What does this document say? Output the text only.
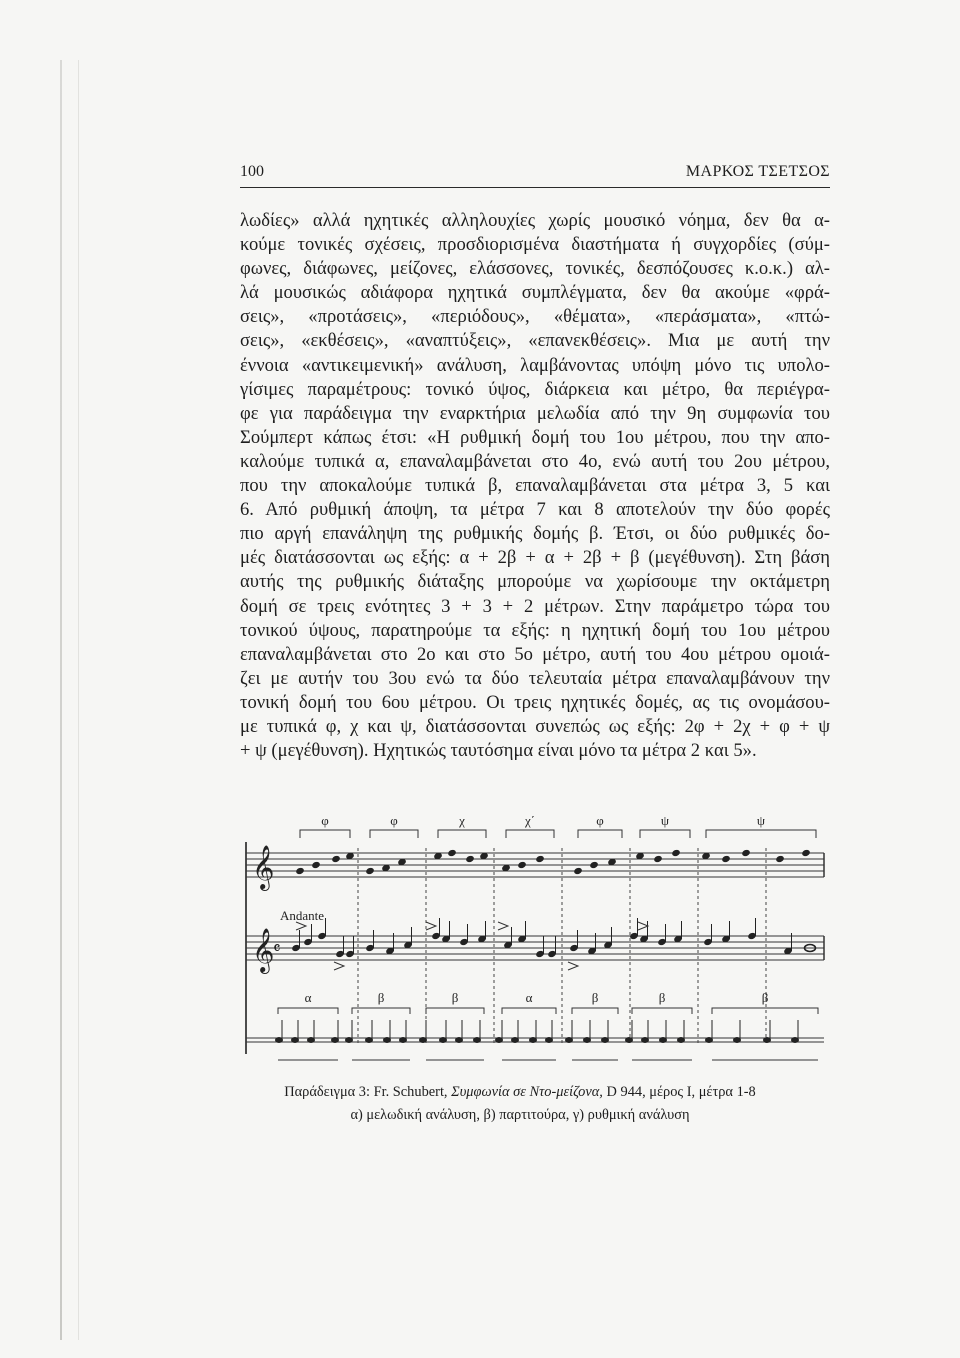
100	ΜΑΡΚΟΣ ΤΣΕΤΣΟΣ
λωδίες» αλλά ηχητικές αλληλουχίες χωρίς μουσικό νόημα, δεν θα α-
κούμε τονικές σχέσεις, προσδιορισμένα διαστήματα ή συγχορδίες (σύμ-
φωνες, διάφωνες, μείζονες, ελάσσονες, τονικές, δεσπόζουσες κ.ο.κ.) αλ-
λά μουσικώς αδιάφορα ηχητικά συμπλέγματα, δεν θα ακούμε «φρά-
σεις», «προτάσεις», «περιόδους», «θέματα», «περάσματα», «πτώ-
σεις», «εκθέσεις», «αναπτύξεις», «επανεκθέσεις». Μια με αυτή την
έννοια «αντικειμενική» ανάλυση, λαμβάνοντας υπόψη μόνο τις υπολο-
γίσιμες παραμέτρους: τονικό ύψος, διάρκεια και μέτρο, θα περιέγρα-
φε για παράδειγμα την εναρκτήρια μελωδία από την 9η συμφωνία του
Σούμπερτ κάπως έτσι: «Η ρυθμική δομή του 1ου μέτρου, που την απο-
καλούμε τυπικά α, επαναλαμβάνεται στο 4ο, ενώ αυτή του 2ου μέτρου,
που την αποκαλούμε τυπικά β, επαναλαμβάνεται στα μέτρα 3, 5 και
6. Από ρυθμική άποψη, τα μέτρα 7 και 8 αποτελούν την δύο φορές
πιο αργή επανάληψη της ρυθμικής δομής β. Έτσι, οι δύο ρυθμικές δο-
μές διατάσσονται ως εξής: α + 2β + α + 2β + β (μεγέθυνση). Στη βάση
αυτής της ρυθμικής διάταξης μπορούμε να χωρίσουμε την οκτάμετρη
δομή σε τρεις ενότητες 3 + 3 + 2 μέτρων. Στην παράμετρο τώρα του
τονικού ύψους, παρατηρούμε τα εξής: η ηχητική δομή του 1ου μέτρου
επαναλαμβάνεται στο 2ο και στο 5ο μέτρο, αυτή του 4ου μέτρου ομοιά-
ζει με αυτήν του 3ου ενώ τα δύο τελευταία μέτρα επαναλαμβάνουν την
τονική δομή του 6ου μέτρου. Οι τρεις ηχητικές δομές, ας τις ονομάσου-
με τυπικά φ, χ και ψ, διατάσσονται συνεπώς ως εξής: 2φ + 2χ + φ + ψ
+ ψ (μεγέθυνση). Ηχητικώς ταυτόσημα είναι μόνο τα μέτρα 2 και 5».
𝄞
𝄞
𝄴
Andante
φ	φ	χ	χ΄	φ	ψ	ψ
α	β	β	α	β	β	β
Παράδειγμα 3: Fr. Schubert, Συμφωνία σε Ντο-μείζονα, D 944, μέρος Ι, μέτρα 1-8
α) μελωδική ανάλυση, β) παρτιτούρα, γ) ρυθμική ανάλυση
